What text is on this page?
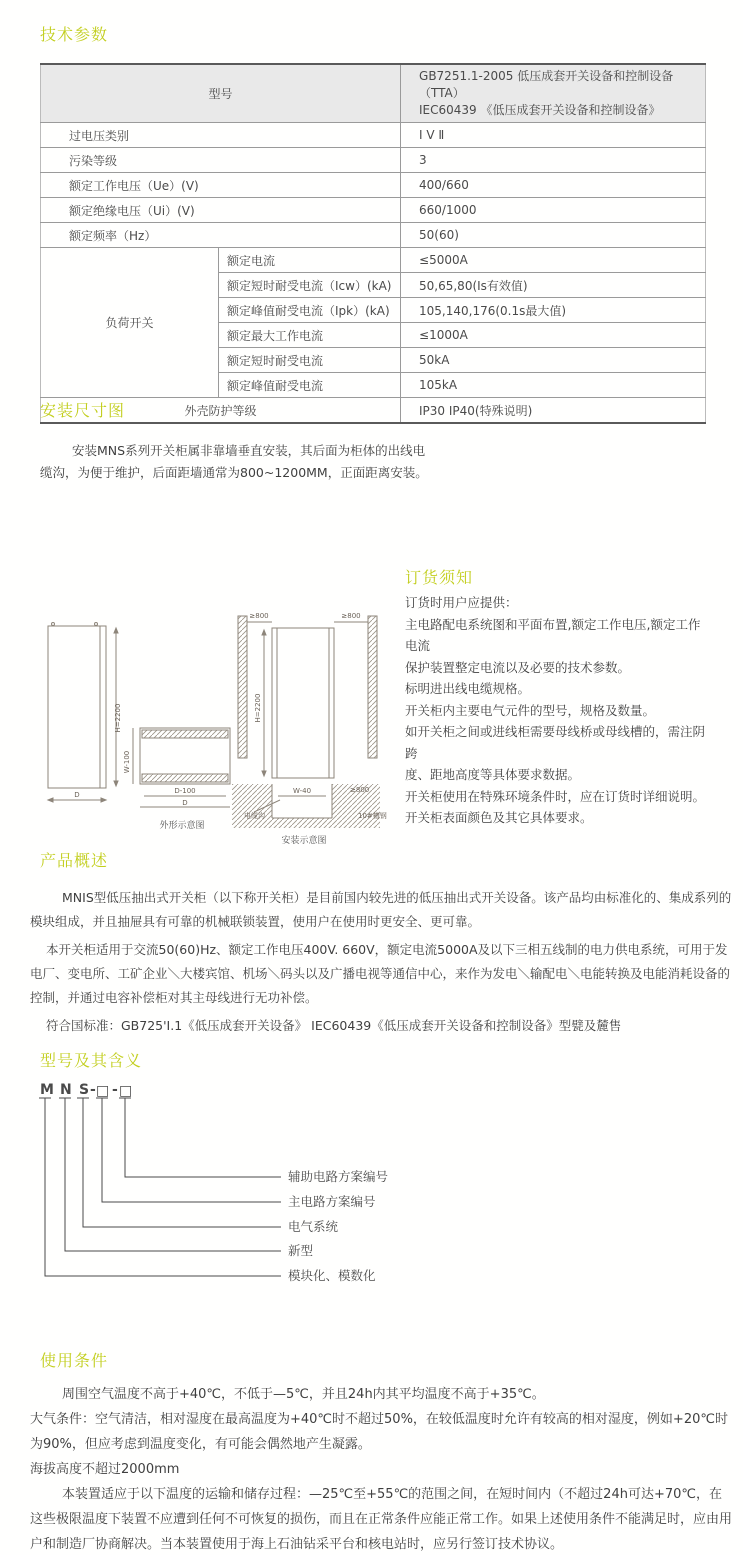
技术参数
型号		GB7251.1-2005 低压成套开关设备和控制设备（TTA）
IEC60439 《低压成套开关设备和控制设备》

过电压类别		I V Ⅱ
污染等级		3
额定工作电压（Ue）(V)		400/660
额定绝缘电压（Ui）(V)		660/1000
额定频率（Hz）		50(60)
负荷开关	额定电流	≤5000A
	额定短时耐受电流（Icw）(kA)	50,65,80(Is有效值)
	额定峰值耐受电流（Ipk）(kA)	105,140,176(0.1s最大值)
	额定最大工作电流	≤1000A
	额定短时耐受电流	50kA
	额定峰值耐受电流	105kA
外壳防护等级		IP30 IP40(特殊说明)
安装尺寸图
安装MNS系列开关柜属非靠墙垂直安装，其后面为柜体的出线电缆沟，为便于维护，后面距墙通常为800~1200MM，正面距离安装。
H=2200
D
W-100
D-100
D
外形示意图
≥800	≥800
H=2200
W-40
电缆沟
≥800
10#槽钢
安装示意图
订货须知
订货时用户应提供：
主电路配电系统图和平面布置,额定工作电压,额定工作
电流
保护装置整定电流以及必要的技术参数。
标明进出线电缆规格。
开关柜内主要电气元件的型号，规格及数量。
如开关柜之间或进线柜需要母线桥或母线槽的，需注阴
跨
度、距地高度等具体要求数据。
开关柜使用在特殊环境条件时，应在订货时详细说明。
开关柜表面颜色及其它具体要求。
产品概述

MNIS型低压抽出式开关柜（以下称开关柜）是目前国内较先进的低压抽出式开关设备。该产品均由标准化的、集成系列的模块组成，并且抽屉具有可靠的机械联锁装置，使用户在使用时更安全、更可靠。

本开关柜适用于交流50(60)Hz、额定工作电压400V. 660V，额定电流5000A及以下三相五线制的电力供电系统，可用于发电厂、变电所、工矿企业＼大楼宾馆、机场＼码头以及广播电视等通信中心，来作为发电＼输配电＼电能转换及电能消耗设备的控制，并通过电容补偿柜对其主母线进行无功补偿。

符合国标准：GB725'I.1《低压成套开关设备》 IEC60439《低压成套开关设备和控制设备》型甓及麓售

型号及其含义
M N S - □ - □
辅助电路方案编号
主电路方案编号
电气系统
新型
模块化、模数化
使用条件

周围空气温度不高于+40℃，不低于—5℃，并且24h内其平均温度不高于+35℃。

大气条件：空气清洁，相对湿度在最高温度为+40℃时不超过50%，在较低温度时允许有较高的相对湿度，例如+20℃时为90%，但应考虑到温度变化，有可能会偶然地产生凝露。

海拔高度不超过2000mm

本装置适应于以下温度的运输和储存过程：—25℃至+55℃的范围之间，在短时间内（不超过24h可达+70℃，在这些极限温度下装置不应遭到任何不可恢复的损伤，而且在正常条件应能正常工作。如果上述使用条件不能满足时，应由用户和制造厂协商解决。当本装置使用于海上石油钻采平台和核电站时，应另行签订技术协议。
